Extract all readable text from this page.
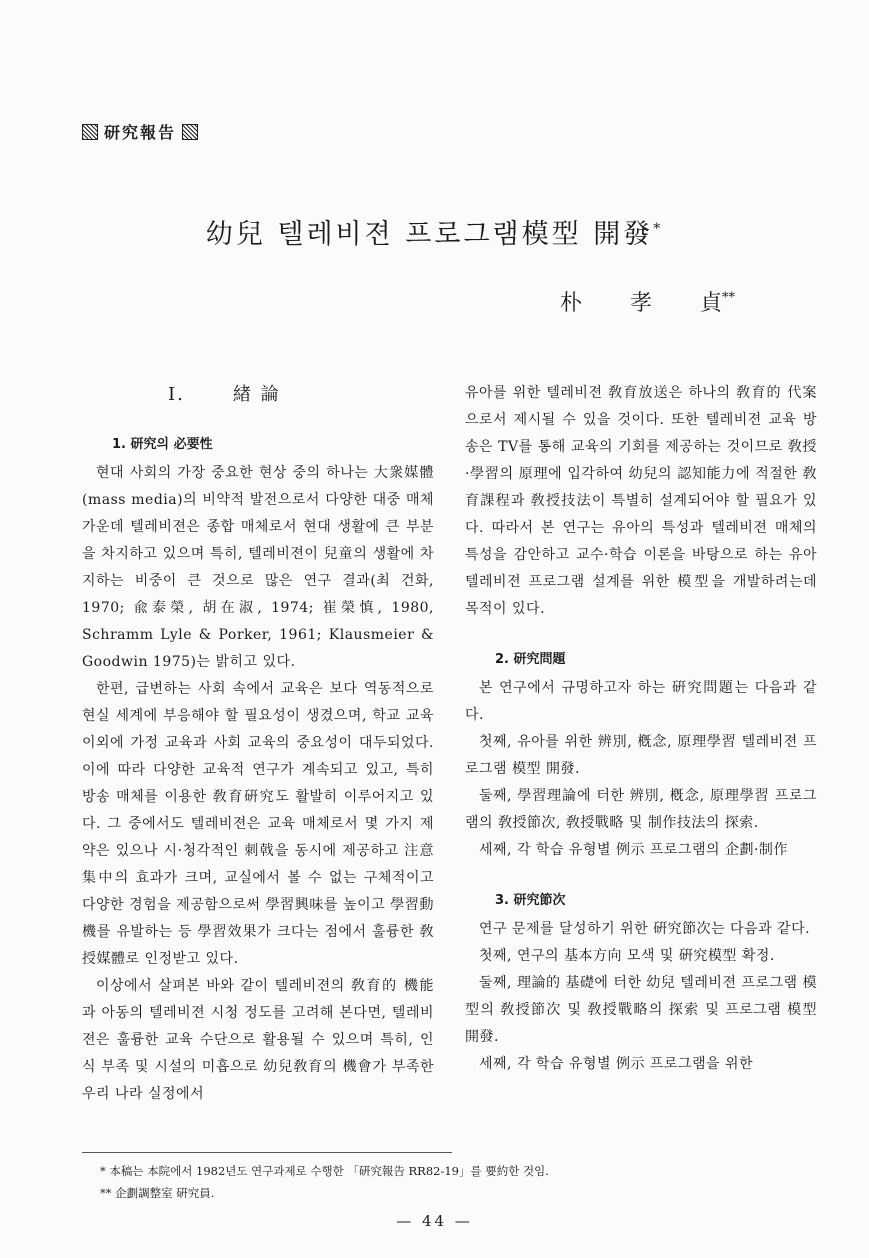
研究報告
幼兒 텔레비젼 프로그램模型 開發*
朴 孝 貞**
I.	緖 論
1. 研究의 必要性

현대 사회의 가장 중요한 현상 중의 하나는 大衆媒體(mass media)의 비약적 발전으로서 다양한 대중 매체 가운데 텔레비젼은 종합 매체로서 현대 생활에 큰 부분을 차지하고 있으며 특히, 텔레비젼이 兒童의 생활에 차지하는 비중이 큰 것으로 많은 연구 결과(최 건화, 1970; 兪泰榮, 胡在淑, 1974; 崔榮慎, 1980, Schramm Lyle & Porker, 1961; Klausmeier & Goodwin 1975)는 밝히고 있다.

한편, 급변하는 사회 속에서 교육은 보다 역동적으로 현실 세계에 부응해야 할 필요성이 생겼으며, 학교 교육 이외에 가정 교육과 사회 교육의 중요성이 대두되었다. 이에 따라 다양한 교육적 연구가 계속되고 있고, 특히 방송 매체를 이용한 敎育硏究도 활발히 이루어지고 있다. 그 중에서도 텔레비젼은 교육 매체로서 몇 가지 제약은 있으나 시·청각적인 刺戟을 동시에 제공하고 注意集中의 효과가 크며, 교실에서 볼 수 없는 구체적이고 다양한 경험을 제공함으로써 學習興味를 높이고 學習動機를 유발하는 등 學習效果가 크다는 점에서 훌륭한 敎授媒體로 인정받고 있다.

이상에서 살펴본 바와 같이 텔레비젼의 敎育的 機能과 아동의 텔레비젼 시청 정도를 고려해 본다면, 텔레비젼은 훌륭한 교육 수단으로 활용될 수 있으며 특히, 인식 부족 및 시설의 미흡으로 幼兒敎育의 機會가 부족한 우리 나라 실정에서

유아를 위한 텔레비젼 敎育放送은 하나의 敎育的 代案으로서 제시될 수 있을 것이다. 또한 텔레비젼 교육 방송은 TV를 통해 교육의 기회를 제공하는 것이므로 敎授·學習의 原理에 입각하여 幼兒의 認知能力에 적절한 敎育課程과 敎授技法이 특별히 설계되어야 할 필요가 있다. 따라서 본 연구는 유아의 특성과 텔레비젼 매체의 특성을 감안하고 교수·학습 이론을 바탕으로 하는 유아 텔레비젼 프로그램 설계를 위한 模型을 개발하려는데 목적이 있다.

2. 研究問題

본 연구에서 규명하고자 하는 硏究問題는 다음과 같다.

첫째, 유아를 위한 辨別, 槪念, 原理學習 텔레비젼 프로그램 模型 開發.

둘째, 學習理論에 터한 辨別, 槪念, 原理學習 프로그램의 敎授節次, 敎授戰略 및 制作技法의 探索.

세째, 각 학습 유형별 例示 프로그램의 企劃·制作

3. 研究節次

연구 문제를 달성하기 위한 硏究節次는 다음과 같다.

첫째, 연구의 基本方向 모색 및 硏究模型 확정.

둘째, 理論的 基礎에 터한 幼兒 텔레비젼 프로그램 模型의 敎授節次 및 敎授戰略의 探索 및 프로그램 模型 開發.

세째, 각 학습 유형별 例示 프로그램을 위한

* 本稿는 本院에서 1982년도 연구과제로 수행한 「硏究報告 RR82-19」를 要約한 것임.
** 企劃調整室 硏究員.
— 44 —
